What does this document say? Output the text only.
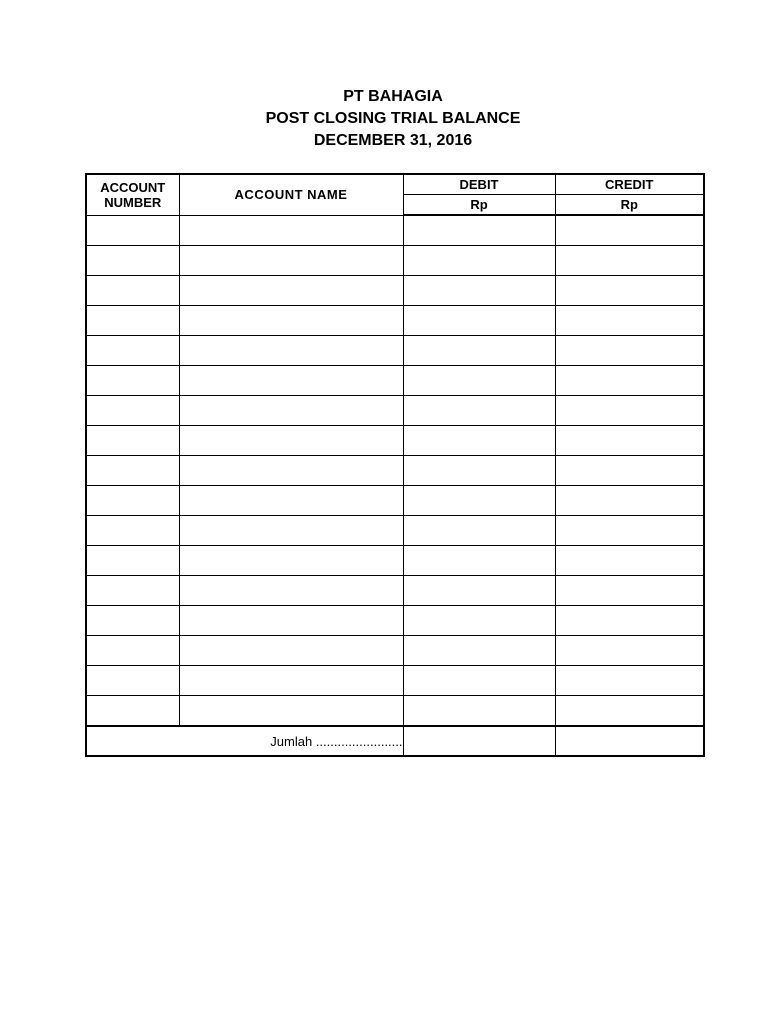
PT BAHAGIA
POST CLOSING TRIAL BALANCE
DECEMBER 31, 2016
ACCOUNT
NUMBER	ACCOUNT NAME	DEBIT	CREDIT
		Rp	Rp

Jumlah ........................			
